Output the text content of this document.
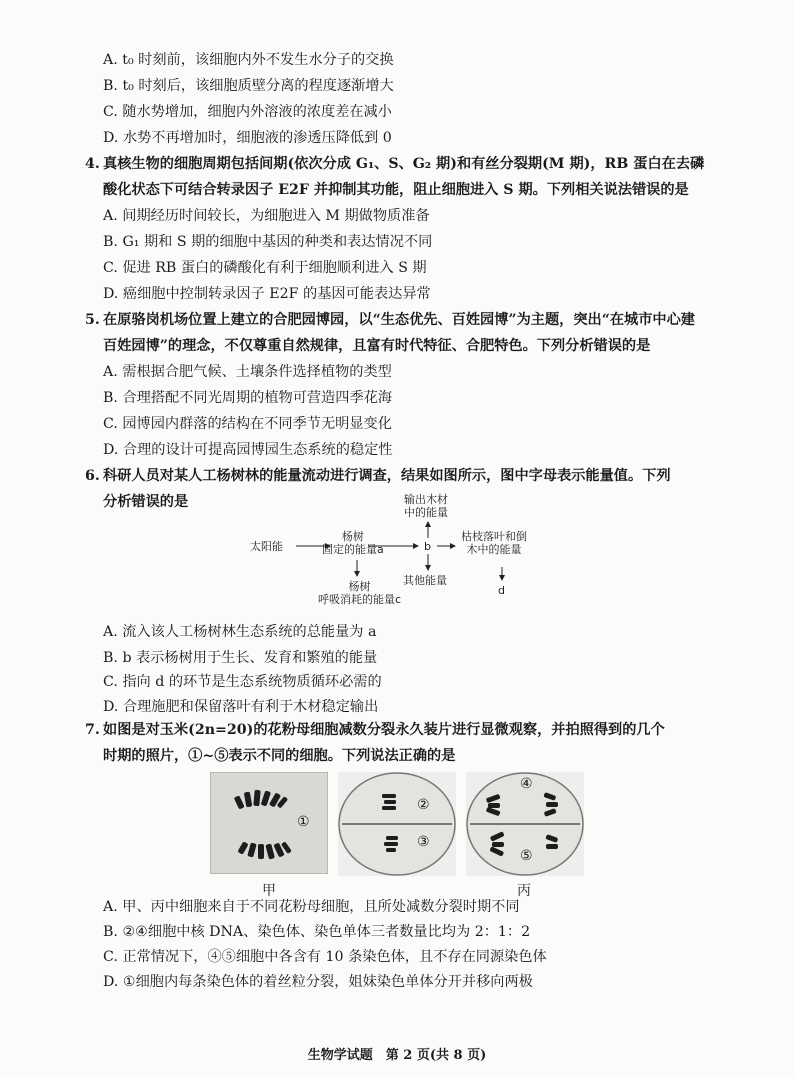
A. t₀ 时刻前，该细胞内外不发生水分子的交换
B. t₀ 时刻后，该细胞质壁分离的程度逐渐增大
C. 随水势增加，细胞内外溶液的浓度差在减小
D. 水势不再增加时，细胞液的渗透压降低到 0
4. 真核生物的细胞周期包括间期(依次分成 G₁、S、G₂ 期)和有丝分裂期(M 期)，RB 蛋白在去磷
酸化状态下可结合转录因子 E2F 并抑制其功能，阻止细胞进入 S 期。下列相关说法错误的是
A. 间期经历时间较长，为细胞进入 M 期做物质准备
B. G₁ 期和 S 期的细胞中基因的种类和表达情况不同
C. 促进 RB 蛋白的磷酸化有利于细胞顺利进入 S 期
D. 癌细胞中控制转录因子 E2F 的基因可能表达异常
5. 在原骆岗机场位置上建立的合肥园博园，以“生态优先、百姓园博”为主题，突出“在城市中心建
百姓园博”的理念，不仅尊重自然规律，且富有时代特征、合肥特色。下列分析错误的是
A. 需根据合肥气候、土壤条件选择植物的类型
B. 合理搭配不同光周期的植物可营造四季花海
C. 园博园内群落的结构在不同季节无明显变化
D. 合理的设计可提高园博园生态系统的稳定性
6. 科研人员对某人工杨树林的能量流动进行调查，结果如图所示，图中字母表示能量值。下列
分析错误的是
太阳能
杨树
固定的能量a	b
输出木材
中的能量
枯枝落叶和倒
木中的能量
其他能量
杨树
呼吸消耗的能量c
d
A. 流入该人工杨树林生态系统的总能量为 a
B. b 表示杨树用于生长、发育和繁殖的能量
C. 指向 d 的环节是生态系统物质循环必需的
D. 合理施肥和保留落叶有利于木材稳定输出
7. 如图是对玉米(2n=20)的花粉母细胞减数分裂永久装片进行显微观察，并拍照得到的几个
时期的照片，①~⑤表示不同的细胞。下列说法正确的是
①
甲
②
③
④
⑤
丙
A. 甲、丙中细胞来自于不同花粉母细胞，且所处减数分裂时期不同
B. ②④细胞中核 DNA、染色体、染色单体三者数量比均为 2：1：2
C. 正常情况下，④⑤细胞中各含有 10 条染色体，且不存在同源染色体
D. ①细胞内每条染色体的着丝粒分裂，姐妹染色单体分开并移向两极
生物学试题　第 2 页(共 8 页)
